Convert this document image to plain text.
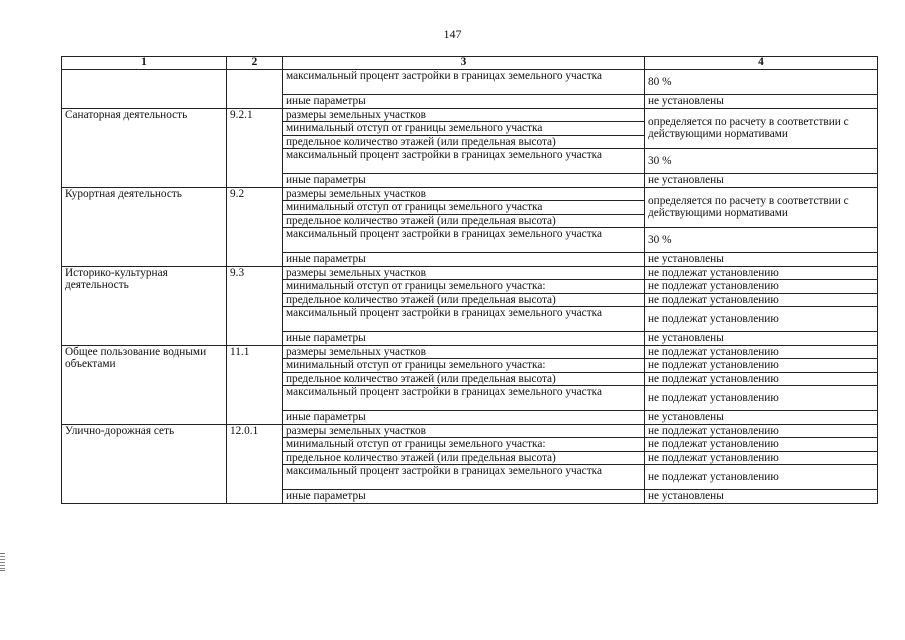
147
1	2	3	4
		максимальный процент застройки в границах земельного участка	80 %
		иные параметры	не установлены
Санаторная деятельность	9.2.1	размеры земельных участков	определяется по расчету в соответствии с действующими нормативами
		минимальный отступ от границы земельного участка	
		предельное количество этажей (или предельная высота)	
		максимальный процент застройки в границах земельного участка	30 %
		иные параметры	не установлены
Курортная деятельность	9.2	размеры земельных участков	определяется по расчету в соответствии с действующими нормативами
		минимальный отступ от границы земельного участка	
		предельное количество этажей (или предельная высота)	
		максимальный процент застройки в границах земельного участка	30 %
		иные параметры	не установлены
Историко-культурная деятельность	9.3	размеры земельных участков	не подлежат установлению
		минимальный отступ от границы земельного участка:	не подлежат установлению
		предельное количество этажей (или предельная высота)	не подлежат установлению
		максимальный процент застройки в границах земельного участка	не подлежат установлению
		иные параметры	не установлены
Общее пользование водными объектами	11.1	размеры земельных участков	не подлежат установлению
		минимальный отступ от границы земельного участка:	не подлежат установлению
		предельное количество этажей (или предельная высота)	не подлежат установлению
		максимальный процент застройки в границах земельного участка	не подлежат установлению
		иные параметры	не установлены
Улично-дорожная сеть	12.0.1	размеры земельных участков	не подлежат установлению
		минимальный отступ от границы земельного участка:	не подлежат установлению
		предельное количество этажей (или предельная высота)	не подлежат установлению
		максимальный процент застройки в границах земельного участка	не подлежат установлению
		иные параметры	не установлены
